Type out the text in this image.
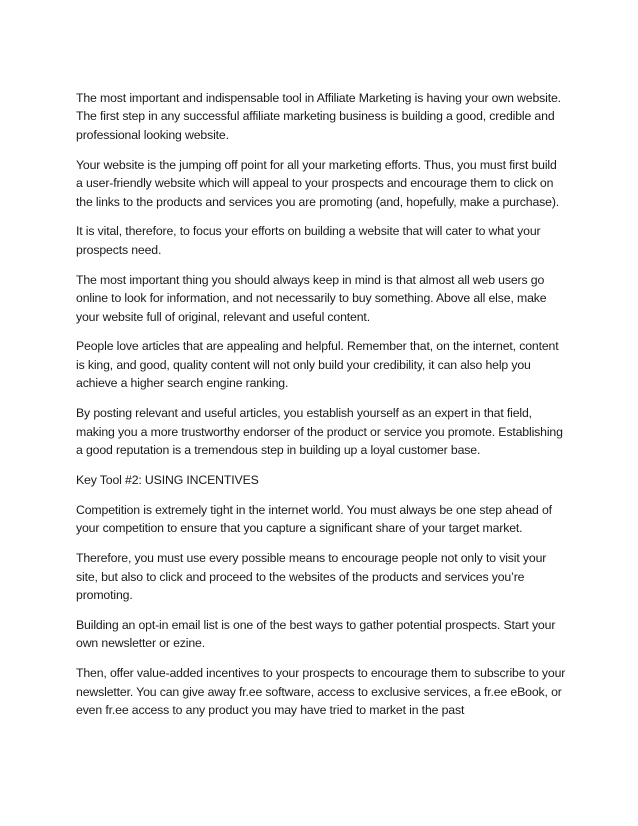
The most important and indispensable tool in Affiliate Marketing is having your own website. The first step in any successful affiliate marketing business is building a good, credible and professional looking website.

Your website is the jumping off point for all your marketing efforts. Thus, you must first build a user-friendly website which will appeal to your prospects and encourage them to click on the links to the products and services you are promoting (and, hopefully, make a purchase).

It is vital, therefore, to focus your efforts on building a website that will cater to what your prospects need.

The most important thing you should always keep in mind is that almost all web users go online to look for information, and not necessarily to buy something. Above all else, make your website full of original, relevant and useful content.

People love articles that are appealing and helpful. Remember that, on the internet, content is king, and good, quality content will not only build your credibility, it can also help you achieve a higher search engine ranking.

By posting relevant and useful articles, you establish yourself as an expert in that field, making you a more trustworthy endorser of the product or service you promote. Establishing a good reputation is a tremendous step in building up a loyal customer base.

Key Tool #2: USING INCENTIVES

Competition is extremely tight in the internet world. You must always be one step ahead of your competition to ensure that you capture a significant share of your target market.

Therefore, you must use every possible means to encourage people not only to visit your site, but also to click and proceed to the websites of the products and services you’re promoting.

Building an opt-in email list is one of the best ways to gather potential prospects. Start your own newsletter or ezine.

Then, offer value-added incentives to your prospects to encourage them to subscribe to your newsletter. You can give away fr.ee software, access to exclusive services, a fr.ee eBook, or even fr.ee access to any product you may have tried to market in the past
